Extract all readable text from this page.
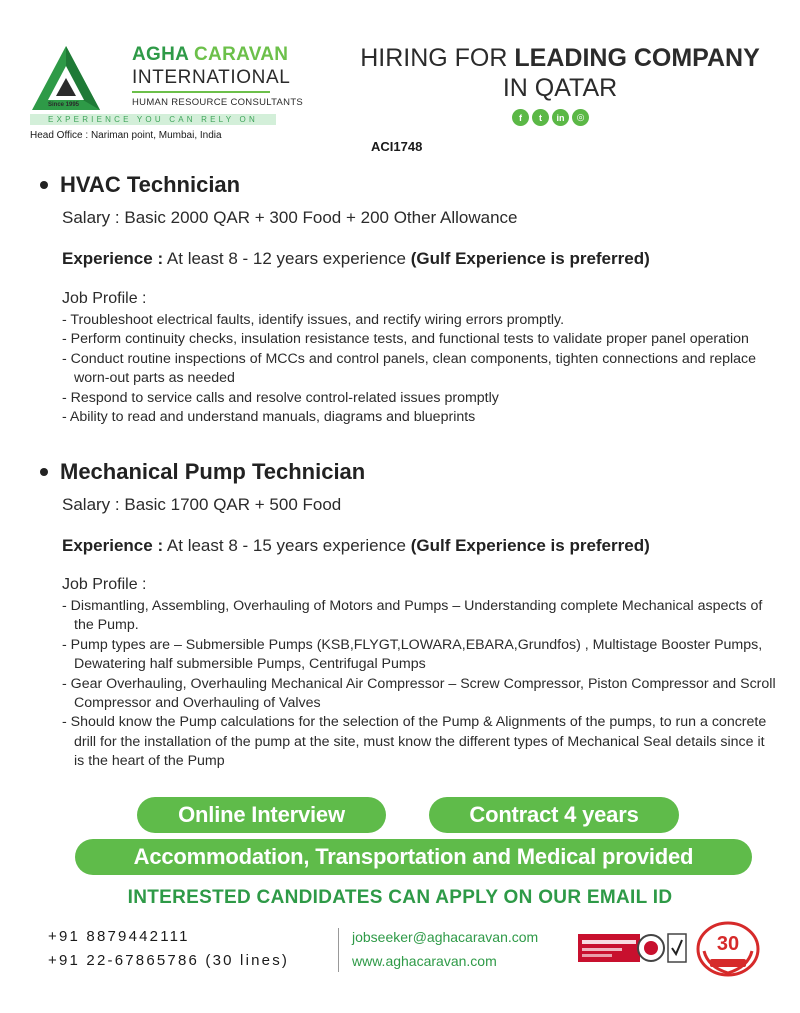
Since 1995
AGHA CARAVAN
INTERNATIONAL
HUMAN RESOURCE CONSULTANTS
EXPERIENCE YOU CAN RELY ON
Head Office : Nariman point, Mumbai, India
HIRING FOR LEADING COMPANY
IN QATAR
f	t	in	◎
ACI1748
HVAC Technician
Salary : Basic 2000 QAR + 300 Food + 200 Other Allowance
Experience : At least 8 - 12 years experience (Gulf Experience is preferred)
Job Profile :
- Troubleshoot electrical faults, identify issues, and rectify wiring errors promptly.
- Perform continuity checks, insulation resistance tests, and functional tests to validate proper panel operation
- Conduct routine inspections of MCCs and control panels, clean components, tighten connections and replace worn-out parts as needed
- Respond to service calls and resolve control-related issues promptly
- Ability to read and understand manuals, diagrams and blueprints
Mechanical Pump Technician
Salary : Basic 1700 QAR + 500 Food
Experience : At least 8 - 15 years experience (Gulf Experience is preferred)
Job Profile :
- Dismantling, Assembling, Overhauling of Motors and Pumps – Understanding complete Mechanical aspects of the Pump.
- Pump types are – Submersible Pumps (KSB,FLYGT,LOWARA,EBARA,Grundfos) , Multistage Booster Pumps, Dewatering half submersible Pumps, Centrifugal Pumps
- Gear Overhauling, Overhauling Mechanical Air Compressor – Screw Compressor, Piston Compressor and Scroll Compressor and Overhauling of Valves
- Should know the Pump calculations for the selection of the Pump & Alignments of the pumps, to run a concrete drill for the installation of the pump at the site, must know the different types of Mechanical Seal details since it is the heart of the Pump
Online Interview	Contract 4 years
Accommodation, Transportation and Medical provided
INTERESTED CANDIDATES CAN APPLY ON OUR EMAIL ID
+91 8879442111
+91 22-67865786 (30 lines)
jobseeker@aghacaravan.com
www.aghacaravan.com
30
